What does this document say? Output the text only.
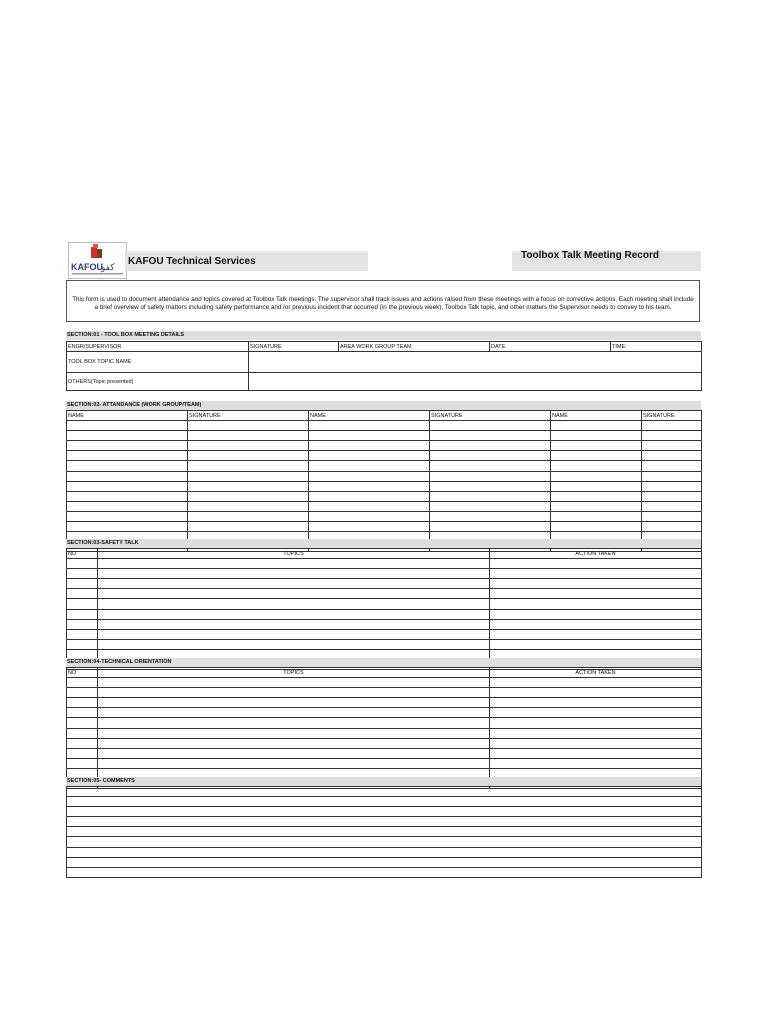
KAFOU
كفو
KAFOU Technical Services
Toolbox Talk Meeting Record
This form is used to document attendance and topics covered at Toolbox Talk meetings. The supervisor shall track issues and actions raised from these meetings with a focus on corrective actions. Each meeting shall include a brief overview of safety matters including safety performance and /or previous incident that occurred (in the previous week), Toolbox Talk topic, and other matters the Supervisor needs to convey to his team.
SECTION:01 - TOOL BOX MEETING DETAILS
ENGR/SUPERVISOR	SIGNATURE	AREA WORK GROUP TEAM	DATE	TIME:
TOOL BOX TOPIC NAME				
OTHERS(Topic presented)				
SECTION:02- ATTANDANCE (WORK GROUP/TEAM)
NAME	SIGNATURE	NAME	SIGNATURE	NAME	SIGNATURE

SECTION:03-SAFETY TALK
NO	TOPICS	ACTION TAKEN

SECTION:04-TECHNICAL ORIENTATION
NO	TOPICS	ACTION TAKEN

SECTION:05- COMMENTS
